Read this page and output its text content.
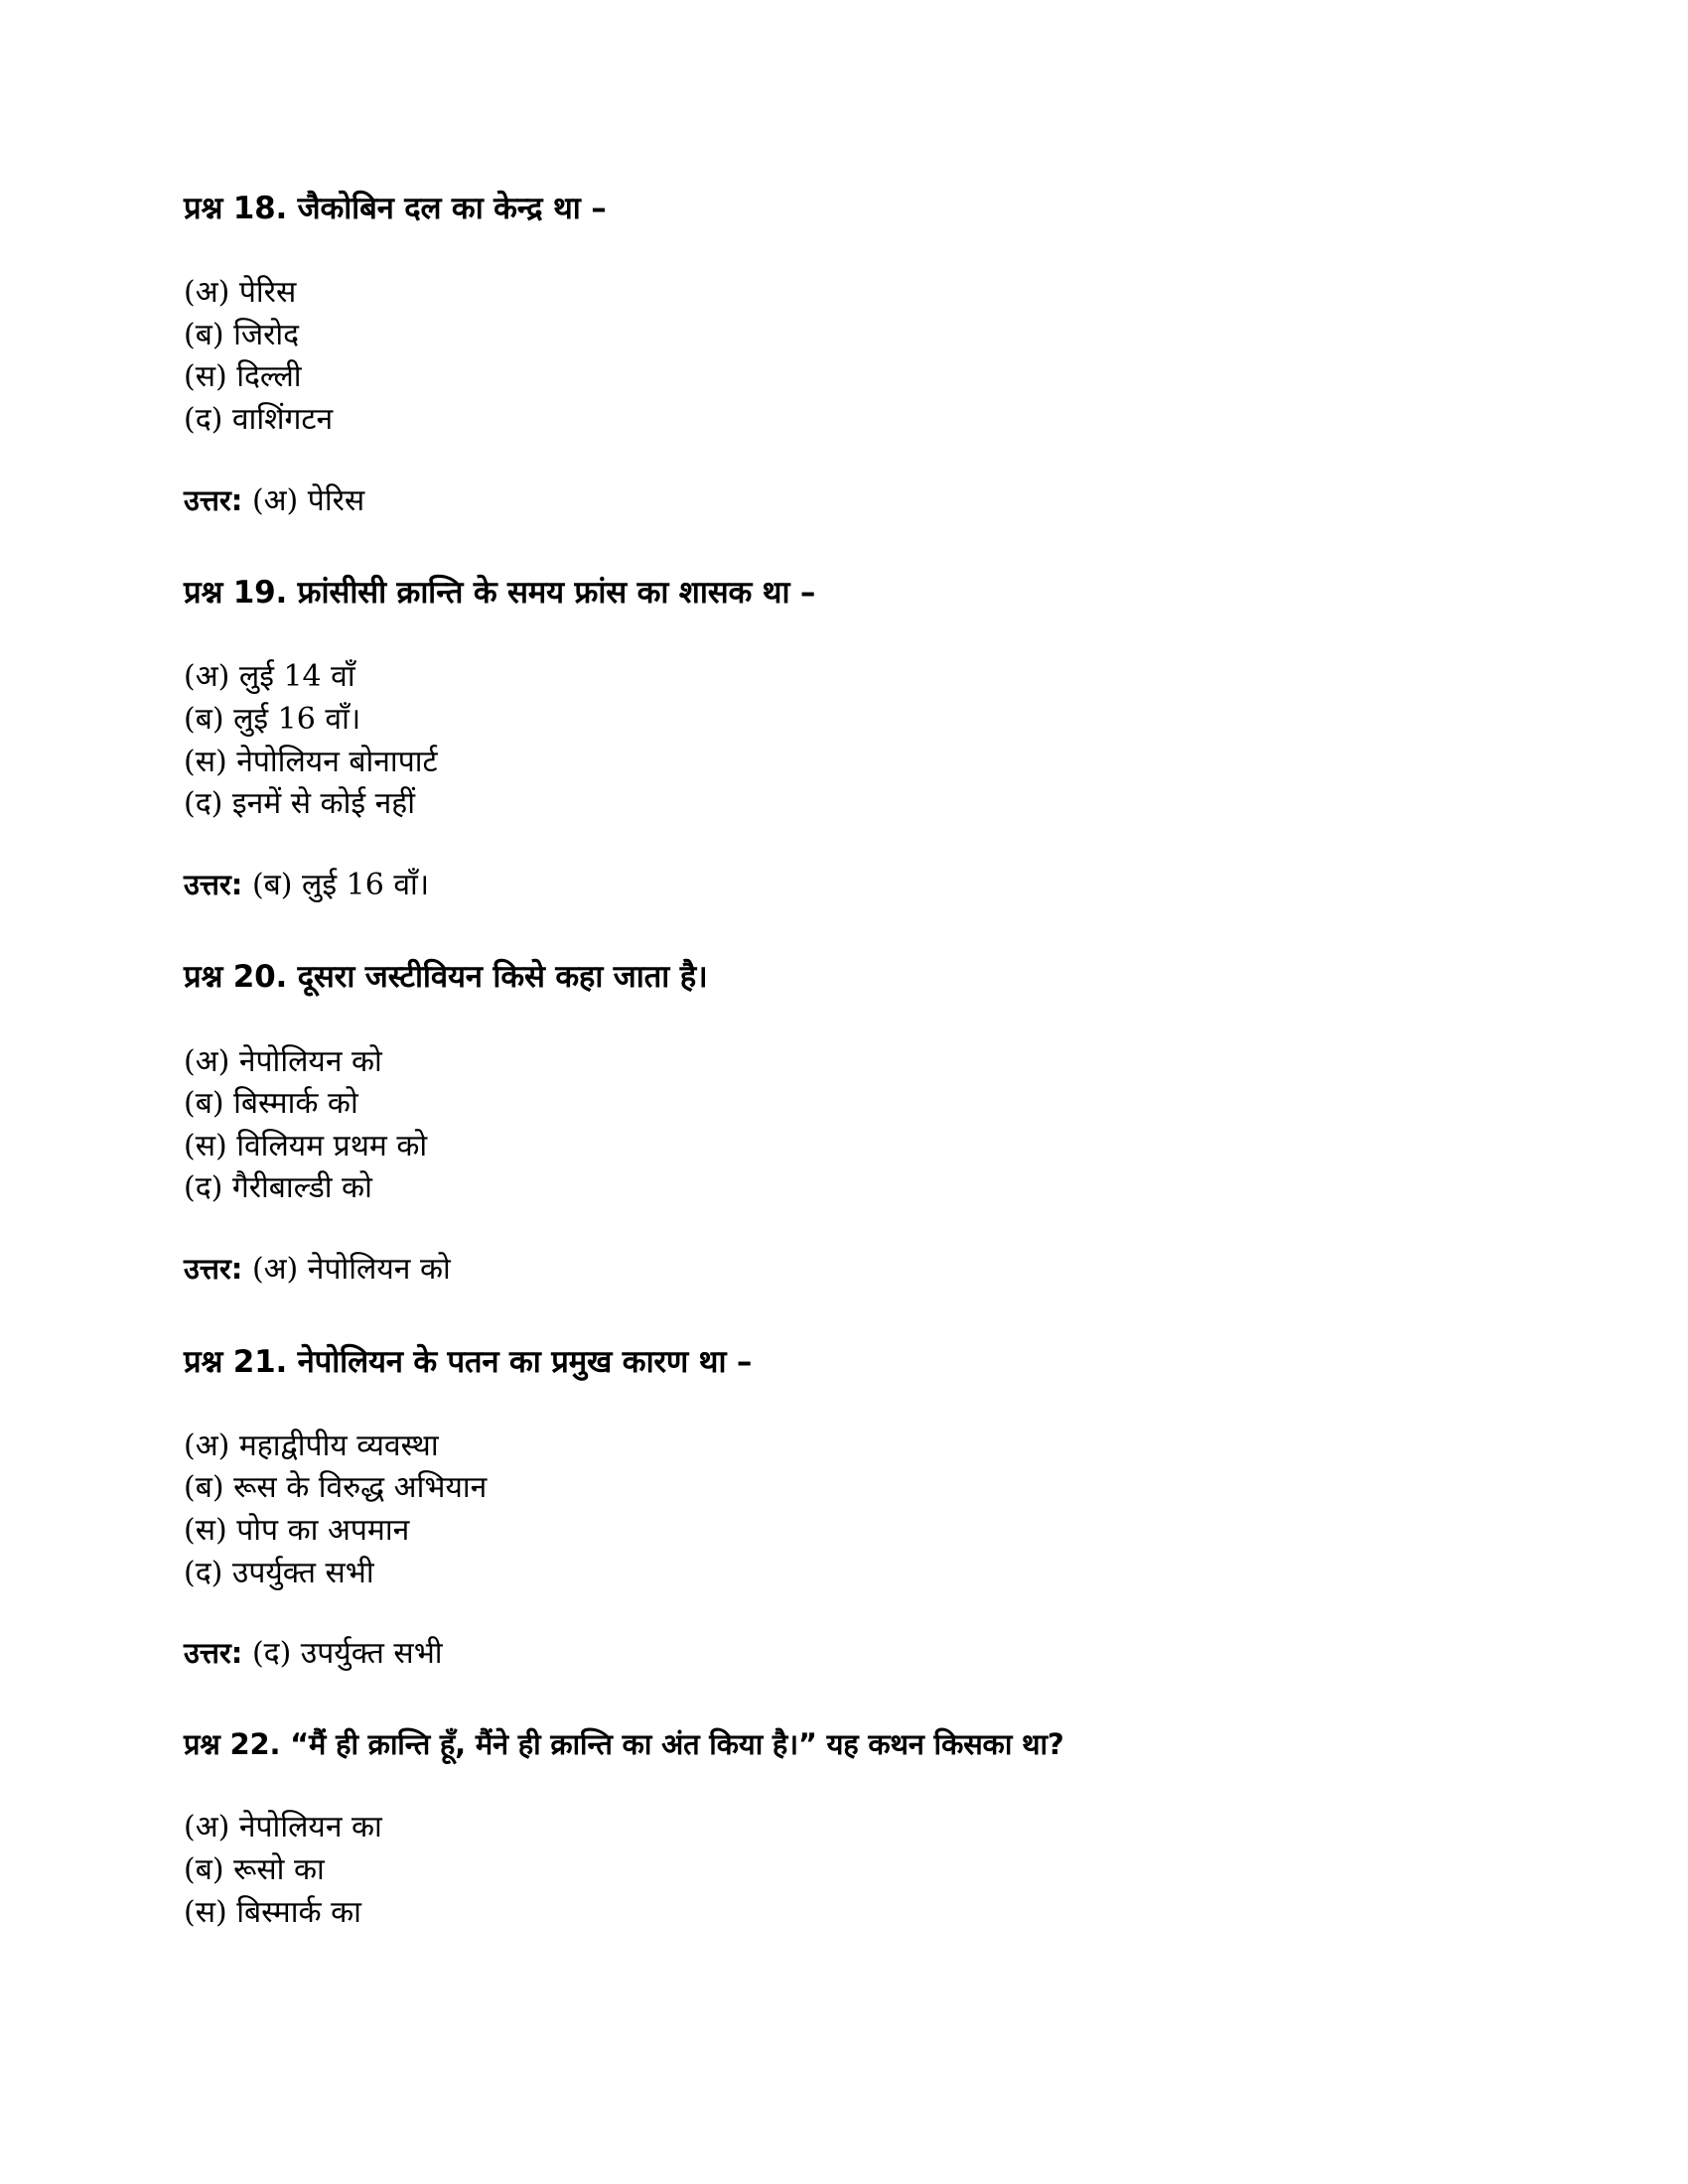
प्रश्न 18. जैकोबिन दल का केन्द्र था –

(अ) पेरिस

(ब) जिरोद

(स) दिल्ली

(द) वाशिंगटन

उत्तर: (अ) पेरिस

प्रश्न 19. फ्रांसीसी क्रान्ति के समय फ्रांस का शासक था –

(अ) लुई 14 वाँ

(ब) लुई 16 वाँ।

(स) नेपोलियन बोनापार्ट

(द) इनमें से कोई नहीं

उत्तर: (ब) लुई 16 वाँ।

प्रश्न 20. दूसरा जस्टीवियन किसे कहा जाता है।

(अ) नेपोलियन को

(ब) बिस्मार्क को

(स) विलियम प्रथम को

(द) गैरीबाल्डी को

उत्तर: (अ) नेपोलियन को

प्रश्न 21. नेपोलियन के पतन का प्रमुख कारण था –

(अ) महाद्वीपीय व्यवस्था

(ब) रूस के विरुद्ध अभियान

(स) पोप का अपमान

(द) उपर्युक्त सभी

उत्तर: (द) उपर्युक्त सभी

प्रश्न 22. “मैं ही क्रान्ति हूँ, मैंने ही क्रान्ति का अंत किया है।” यह कथन किसका था?

(अ) नेपोलियन का

(ब) रूसो का

(स) बिस्मार्क का
